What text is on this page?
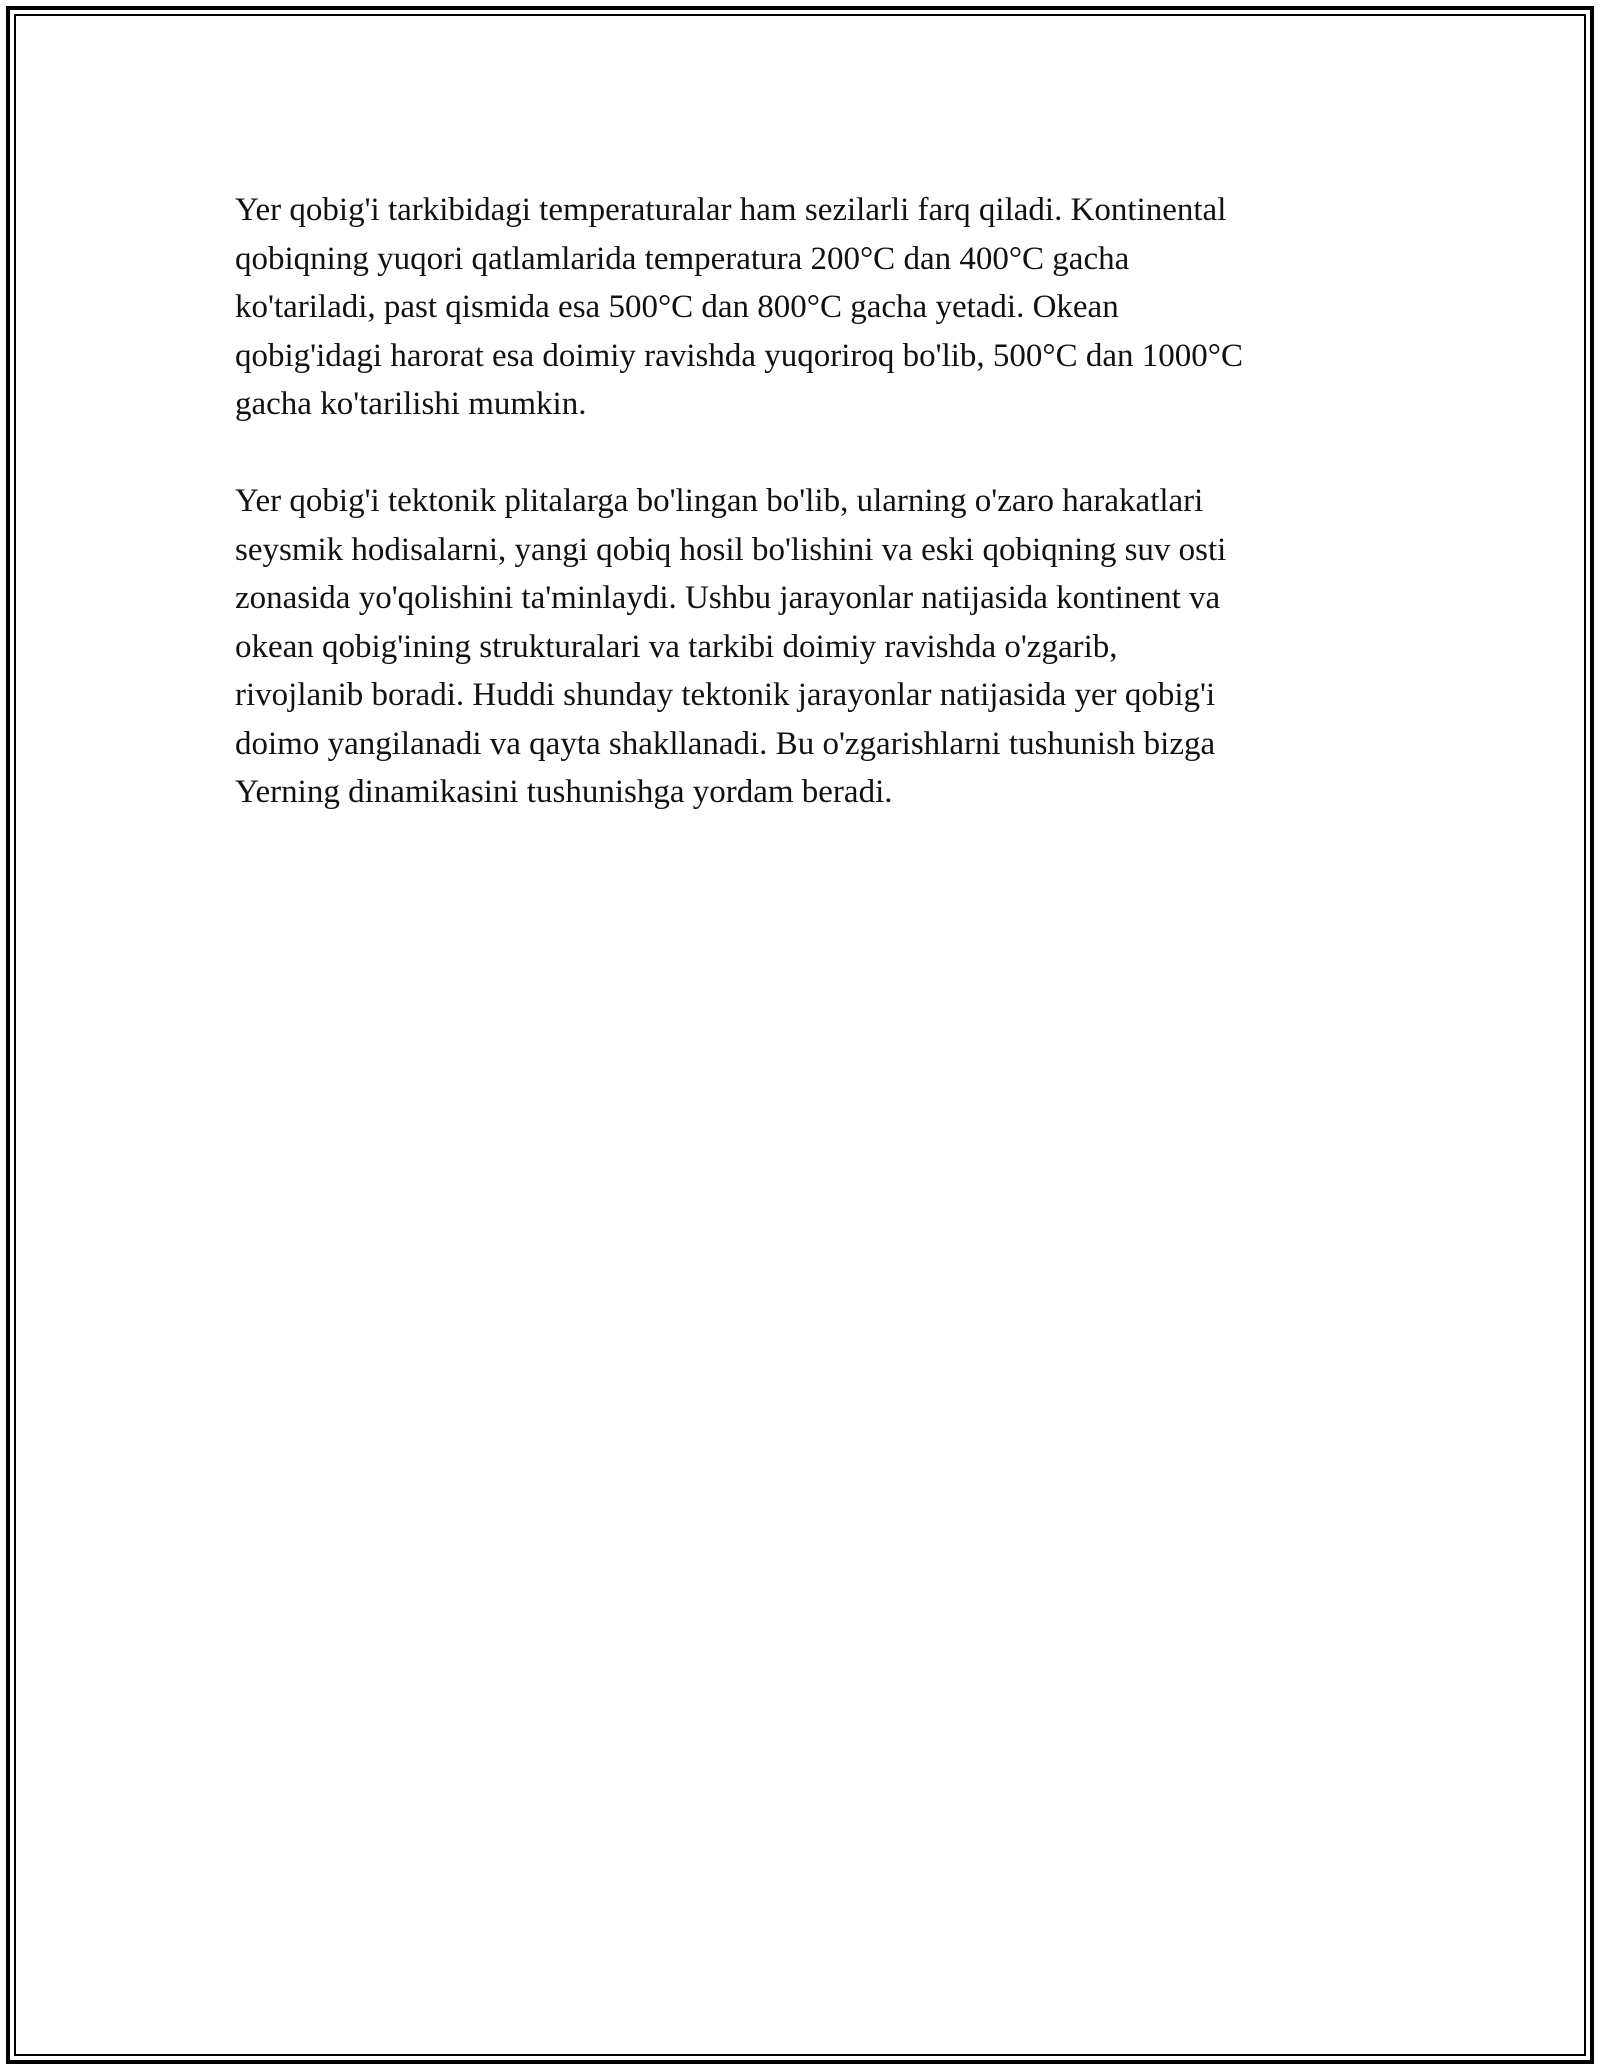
Yer qobig'i tarkibidagi temperaturalar ham sezilarli farq qiladi. Kontinental
qobiqning yuqori qatlamlarida temperatura 200°C dan 400°C gacha
ko'tariladi, past qismida esa 500°C dan 800°C gacha yetadi. Okean
qobig'idagi harorat esa doimiy ravishda yuqoriroq bo'lib, 500°C dan 1000°C
gacha ko'tarilishi mumkin.

Yer qobig'i tektonik plitalarga bo'lingan bo'lib, ularning o'zaro harakatlari
seysmik hodisalarni, yangi qobiq hosil bo'lishini va eski qobiqning suv osti
zonasida yo'qolishini ta'minlaydi. Ushbu jarayonlar natijasida kontinent va
okean qobig'ining strukturalari va tarkibi doimiy ravishda o'zgarib,
rivojlanib boradi. Huddi shunday tektonik jarayonlar natijasida yer qobig'i
doimo yangilanadi va qayta shakllanadi. Bu o'zgarishlarni tushunish bizga
Yerning dinamikasini tushunishga yordam beradi.
